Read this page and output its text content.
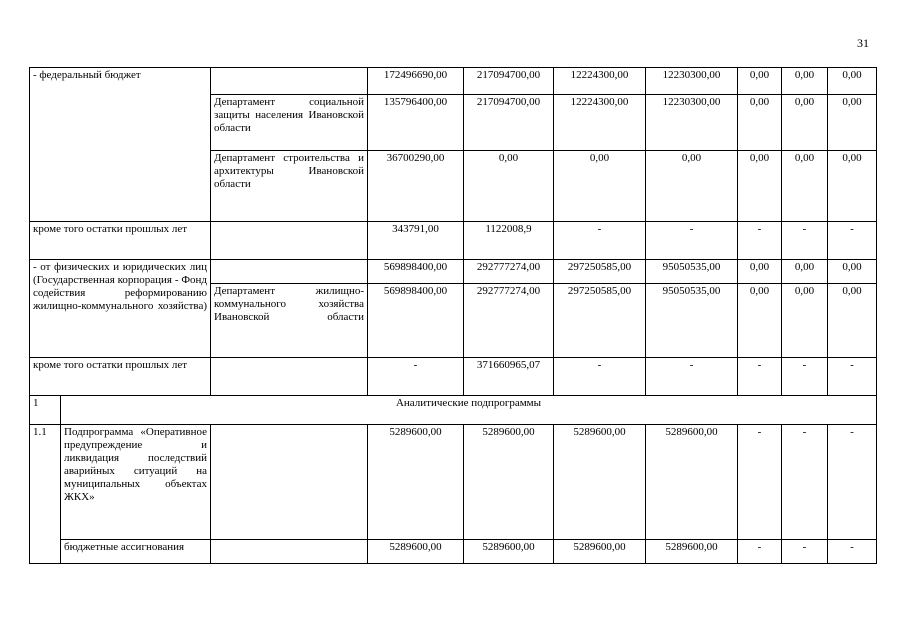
31
- федеральный бюджет			172496690,00	217094700,00	12224300,00	12230300,00	0,00	0,00	0,00
		Департамент социальной защиты населения Ивановской области	135796400,00	217094700,00	12224300,00	12230300,00	0,00	0,00	0,00
		Департамент строительства и архитектуры Ивановской области	36700290,00	0,00	0,00	0,00	0,00	0,00	0,00
кроме того остатки прошлых лет			343791,00	1122008,9	-	-	-	-	-
- от физических и юридических лиц (Государственная корпорация - Фонд содействия реформированию жилищно-коммунального хозяйства)			569898400,00	292777274,00	297250585,00	95050535,00	0,00	0,00	0,00
		Департамент жилищно-коммунального хозяйства Ивановской области	569898400,00	292777274,00	297250585,00	95050535,00	0,00	0,00	0,00
кроме того остатки прошлых лет			-	371660965,07	-	-	-	-	-
1	Аналитические подпрограммы								
1.1	Подпрограмма «Оперативное предупреждение и ликвидация последствий аварийных ситуаций на муниципальных объектах ЖКХ»		5289600,00	5289600,00	5289600,00	5289600,00	-	-	-
	бюджетные ассигнования		5289600,00	5289600,00	5289600,00	5289600,00	-	-	-
